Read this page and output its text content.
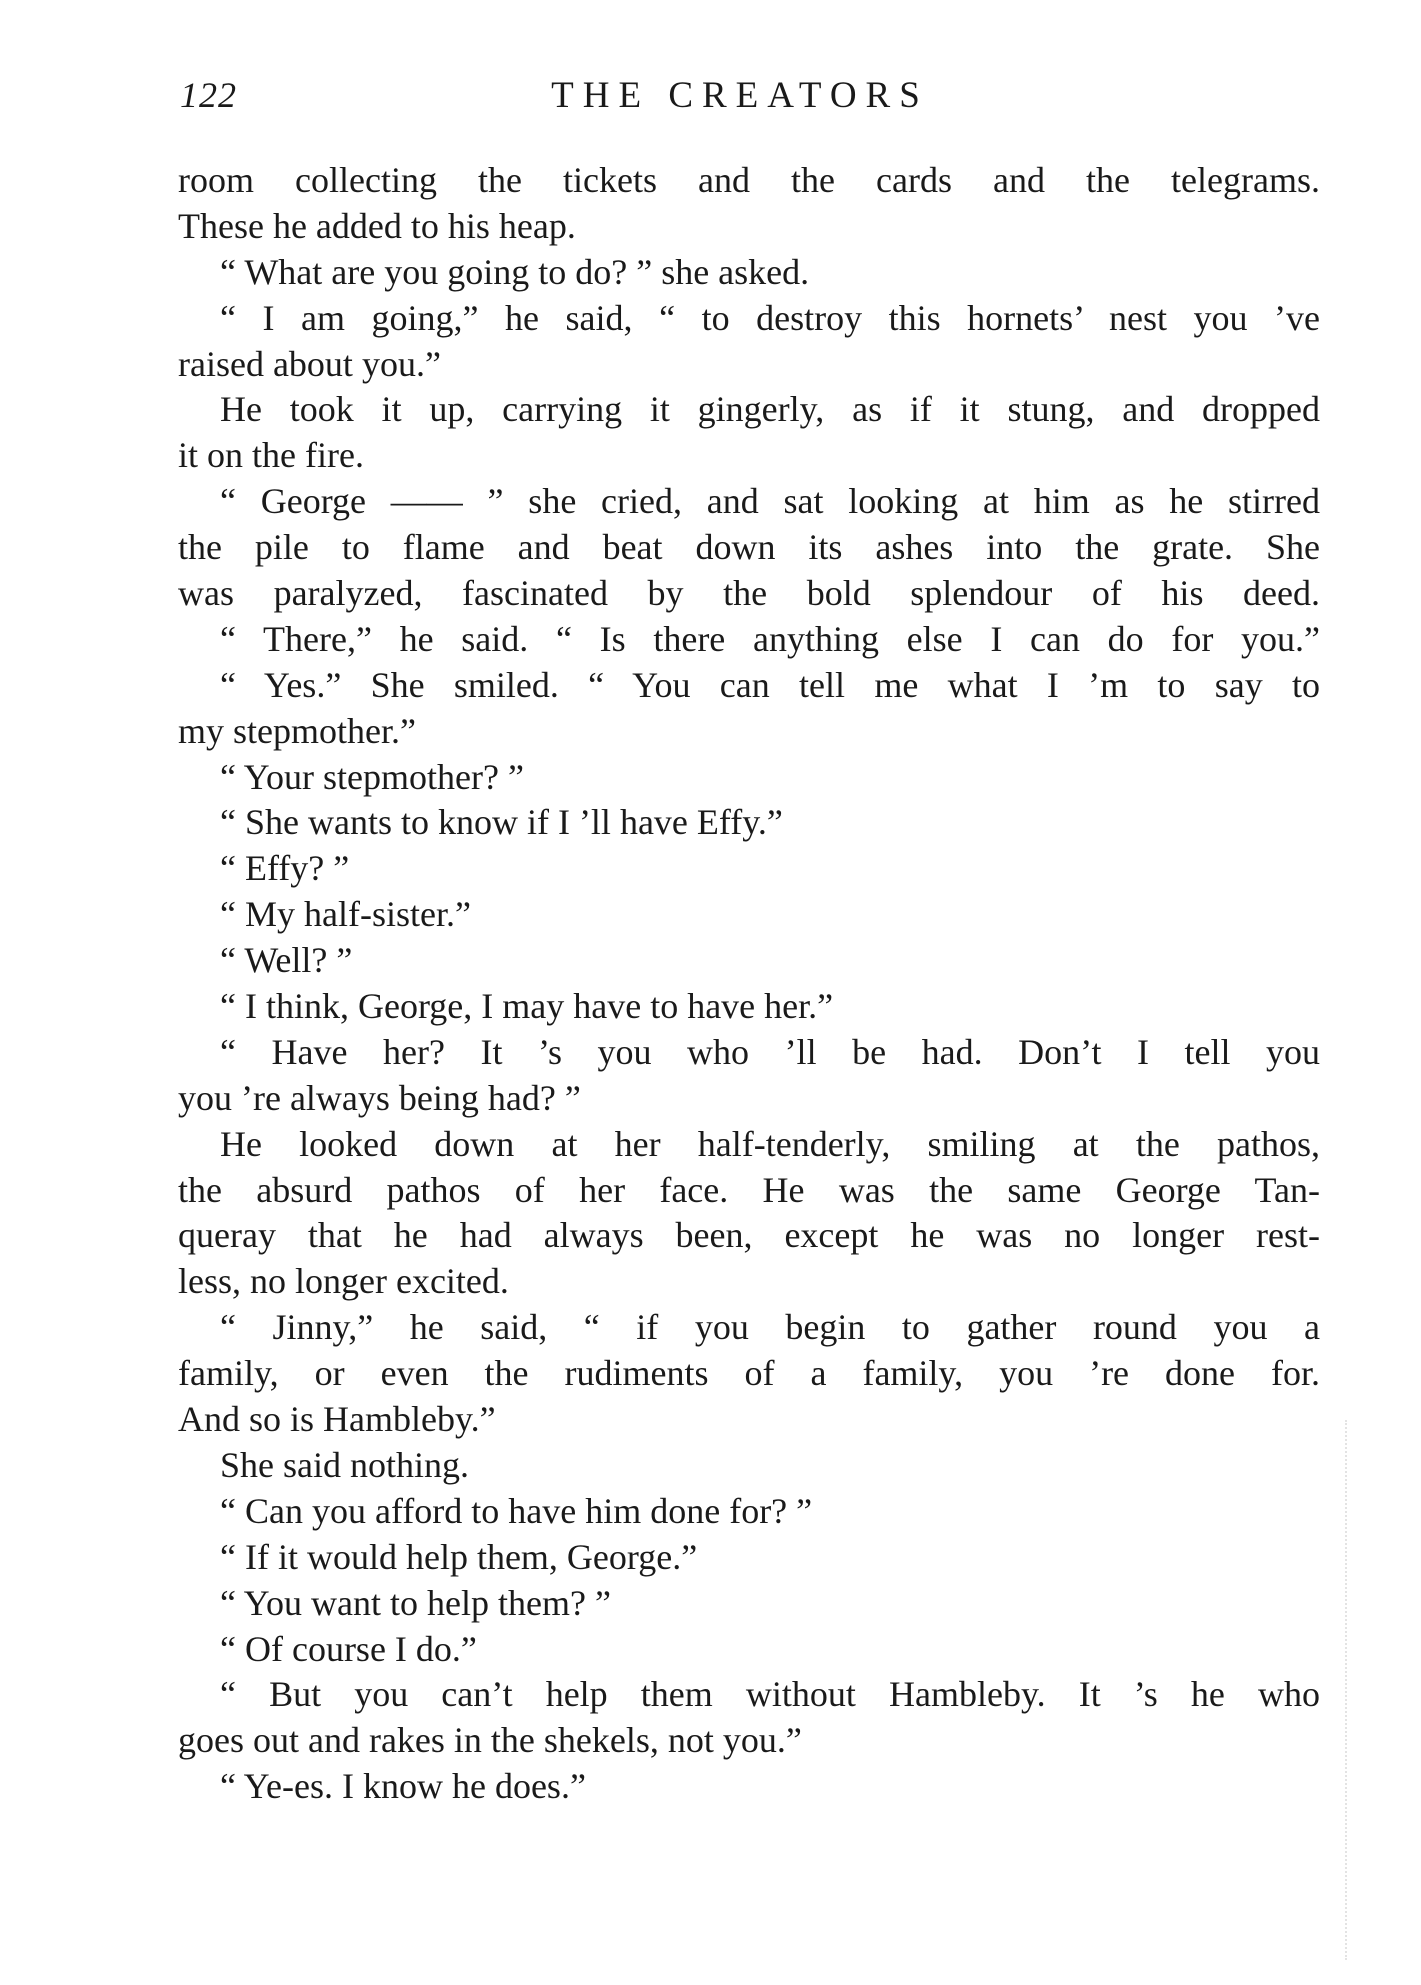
122	THE CREATORS
room collecting the tickets and the cards and the telegrams.
These he added to his heap.
“ What are you going to do? ” she asked.
“ I am going,” he said, “ to destroy this hornets’ nest you ’ve
raised about you.”
He took it up, carrying it gingerly, as if it stung, and dropped
it on the fire.
“ George —— ” she cried, and sat looking at him as he stirred
the pile to flame and beat down its ashes into the grate. She
was paralyzed, fascinated by the bold splendour of his deed.
“ There,” he said. “ Is there anything else I can do for you.”
“ Yes.” She smiled. “ You can tell me what I ’m to say to
my stepmother.”
“ Your stepmother? ”
“ She wants to know if I ’ll have Effy.”
“ Effy? ”
“ My half-sister.”
“ Well? ”
“ I think, George, I may have to have her.”
“ Have her? It ’s you who ’ll be had. Don’t I tell you
you ’re always being had? ”
He looked down at her half-tenderly, smiling at the pathos,
the absurd pathos of her face. He was the same George Tan-
queray that he had always been, except he was no longer rest-
less, no longer excited.
“ Jinny,” he said, “ if you begin to gather round you a
family, or even the rudiments of a family, you ’re done for.
And so is Hambleby.”
She said nothing.
“ Can you afford to have him done for? ”
“ If it would help them, George.”
“ You want to help them? ”
“ Of course I do.”
“ But you can’t help them without Hambleby. It ’s he who
goes out and rakes in the shekels, not you.”
“ Ye-es. I know he does.”
